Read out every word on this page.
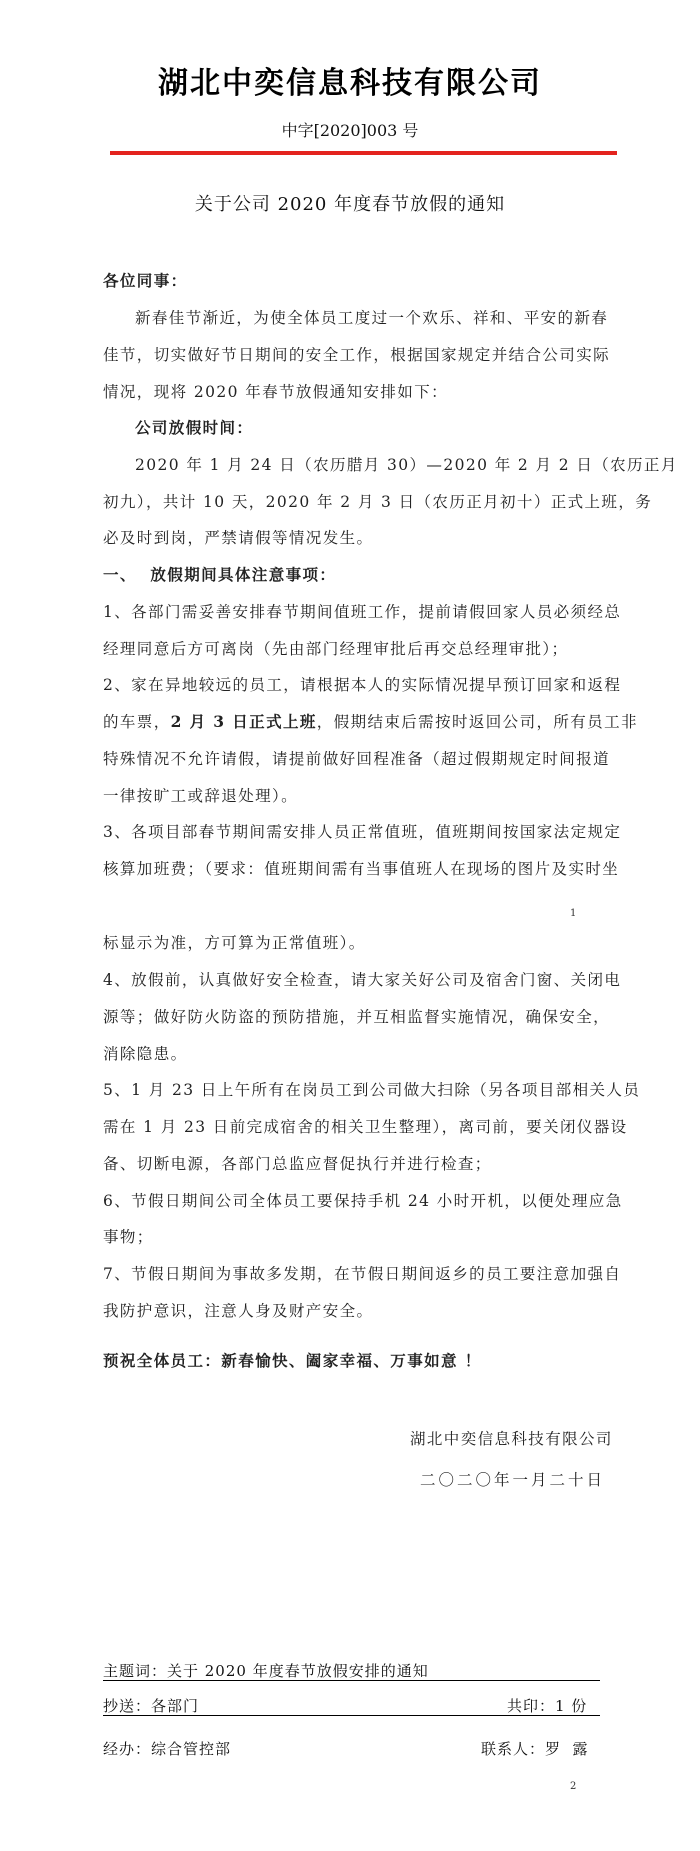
湖北中奕信息科技有限公司
中字[2020]003 号
关于公司 2020 年度春节放假的通知
各位同事：
新春佳节渐近，为使全体员工度过一个欢乐、祥和、平安的新春
佳节，切实做好节日期间的安全工作，根据国家规定并结合公司实际
情况，现将 2020 年春节放假通知安排如下：
公司放假时间：
2020 年 1 月 24 日（农历腊月 30）—2020 年 2 月 2 日（农历正月
初九），共计 10 天，2020 年 2 月 3 日（农历正月初十）正式上班，务
必及时到岗，严禁请假等情况发生。
一、  放假期间具体注意事项：
1、各部门需妥善安排春节期间值班工作，提前请假回家人员必须经总
经理同意后方可离岗（先由部门经理审批后再交总经理审批）；
2、家在异地较远的员工，请根据本人的实际情况提早预订回家和返程
的车票，2 月 3 日正式上班，假期结束后需按时返回公司，所有员工非
特殊情况不允许请假，请提前做好回程准备（超过假期规定时间报道
一律按旷工或辞退处理）。
3、各项目部春节期间需安排人员正常值班，值班期间按国家法定规定
核算加班费；（要求：值班期间需有当事值班人在现场的图片及实时坐
1
标显示为准，方可算为正常值班）。
4、放假前，认真做好安全检查，请大家关好公司及宿舍门窗、关闭电
源等；做好防火防盗的预防措施，并互相监督实施情况，确保安全，
消除隐患。
5、1 月 23 日上午所有在岗员工到公司做大扫除（另各项目部相关人员
需在 1 月 23 日前完成宿舍的相关卫生整理），离司前，要关闭仪器设
备、切断电源，各部门总监应督促执行并进行检查；
6、节假日期间公司全体员工要保持手机 24 小时开机，以便处理应急
事物；
7、节假日期间为事故多发期，在节假日期间返乡的员工要注意加强自
我防护意识，注意人身及财产安全。
预祝全体员工：新春愉快、阖家幸福、万事如意 ！
湖北中奕信息科技有限公司
二〇二〇年一月二十日
主题词：关于 2020 年度春节放假安排的通知
抄送：各部门	共印：1 份
经办：综合管控部	联系人：罗  露
2
